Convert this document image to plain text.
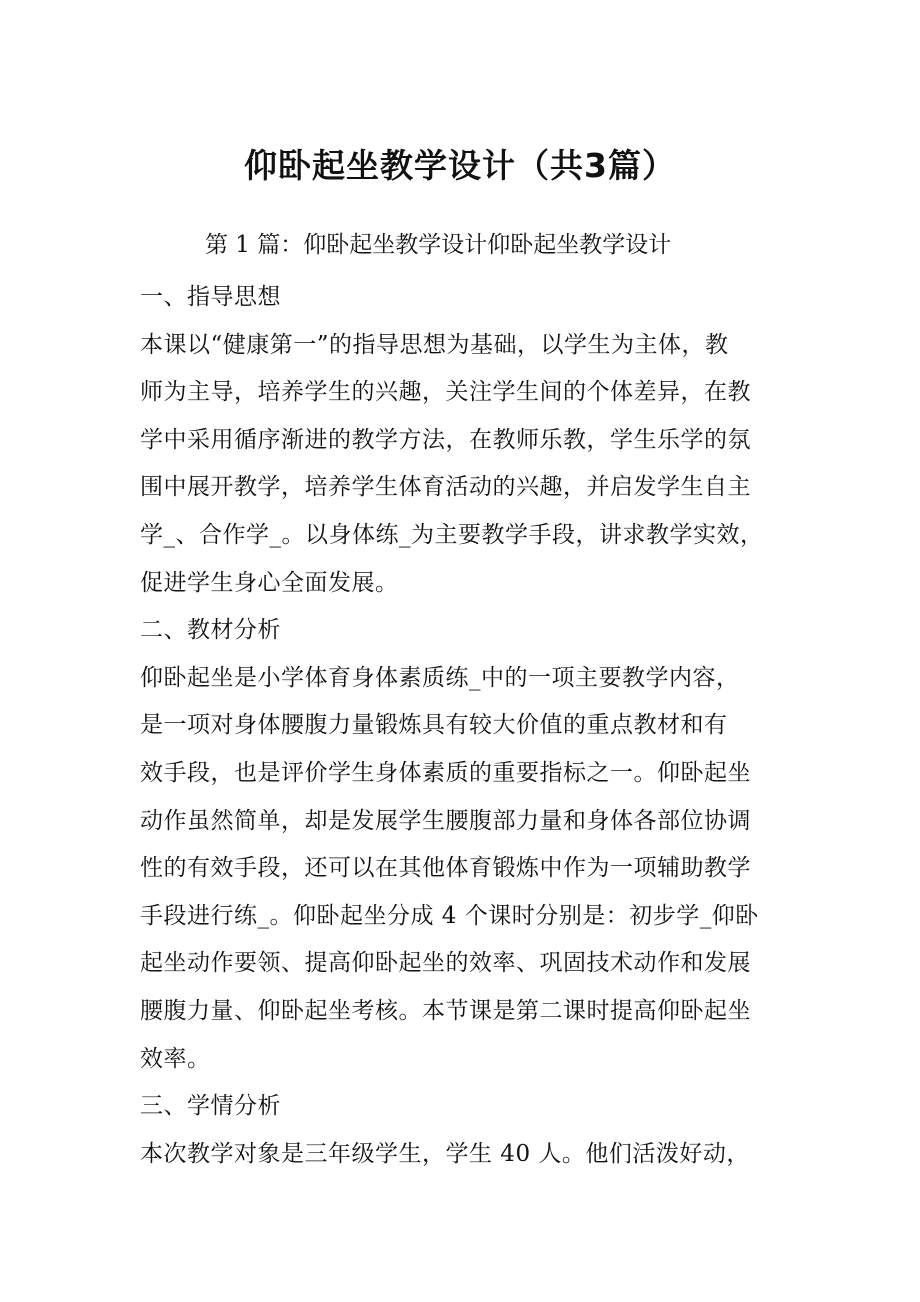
仰卧起坐教学设计（共3篇）

第 1 篇：仰卧起坐教学设计仰卧起坐教学设计

一、指导思想
本课以“健康第一”的指导思想为基础，以学生为主体，教
师为主导，培养学生的兴趣，关注学生间的个体差异，在教
学中采用循序渐进的教学方法，在教师乐教，学生乐学的氛
围中展开教学，培养学生体育活动的兴趣，并启发学生自主
学_、合作学_。以身体练_为主要教学手段，讲求教学实效，
促进学生身心全面发展。
二、教材分析
仰卧起坐是小学体育身体素质练_中的一项主要教学内容，
是一项对身体腰腹力量锻炼具有较大价值的重点教材和有
效手段，也是评价学生身体素质的重要指标之一。仰卧起坐
动作虽然简单，却是发展学生腰腹部力量和身体各部位协调
性的有效手段，还可以在其他体育锻炼中作为一项辅助教学
手段进行练_。仰卧起坐分成 4 个课时分别是：初步学_仰卧
起坐动作要领、提高仰卧起坐的效率、巩固技术动作和发展
腰腹力量、仰卧起坐考核。本节课是第二课时提高仰卧起坐
效率。
三、学情分析
本次教学对象是三年级学生，学生 40 人。他们活泼好动，
